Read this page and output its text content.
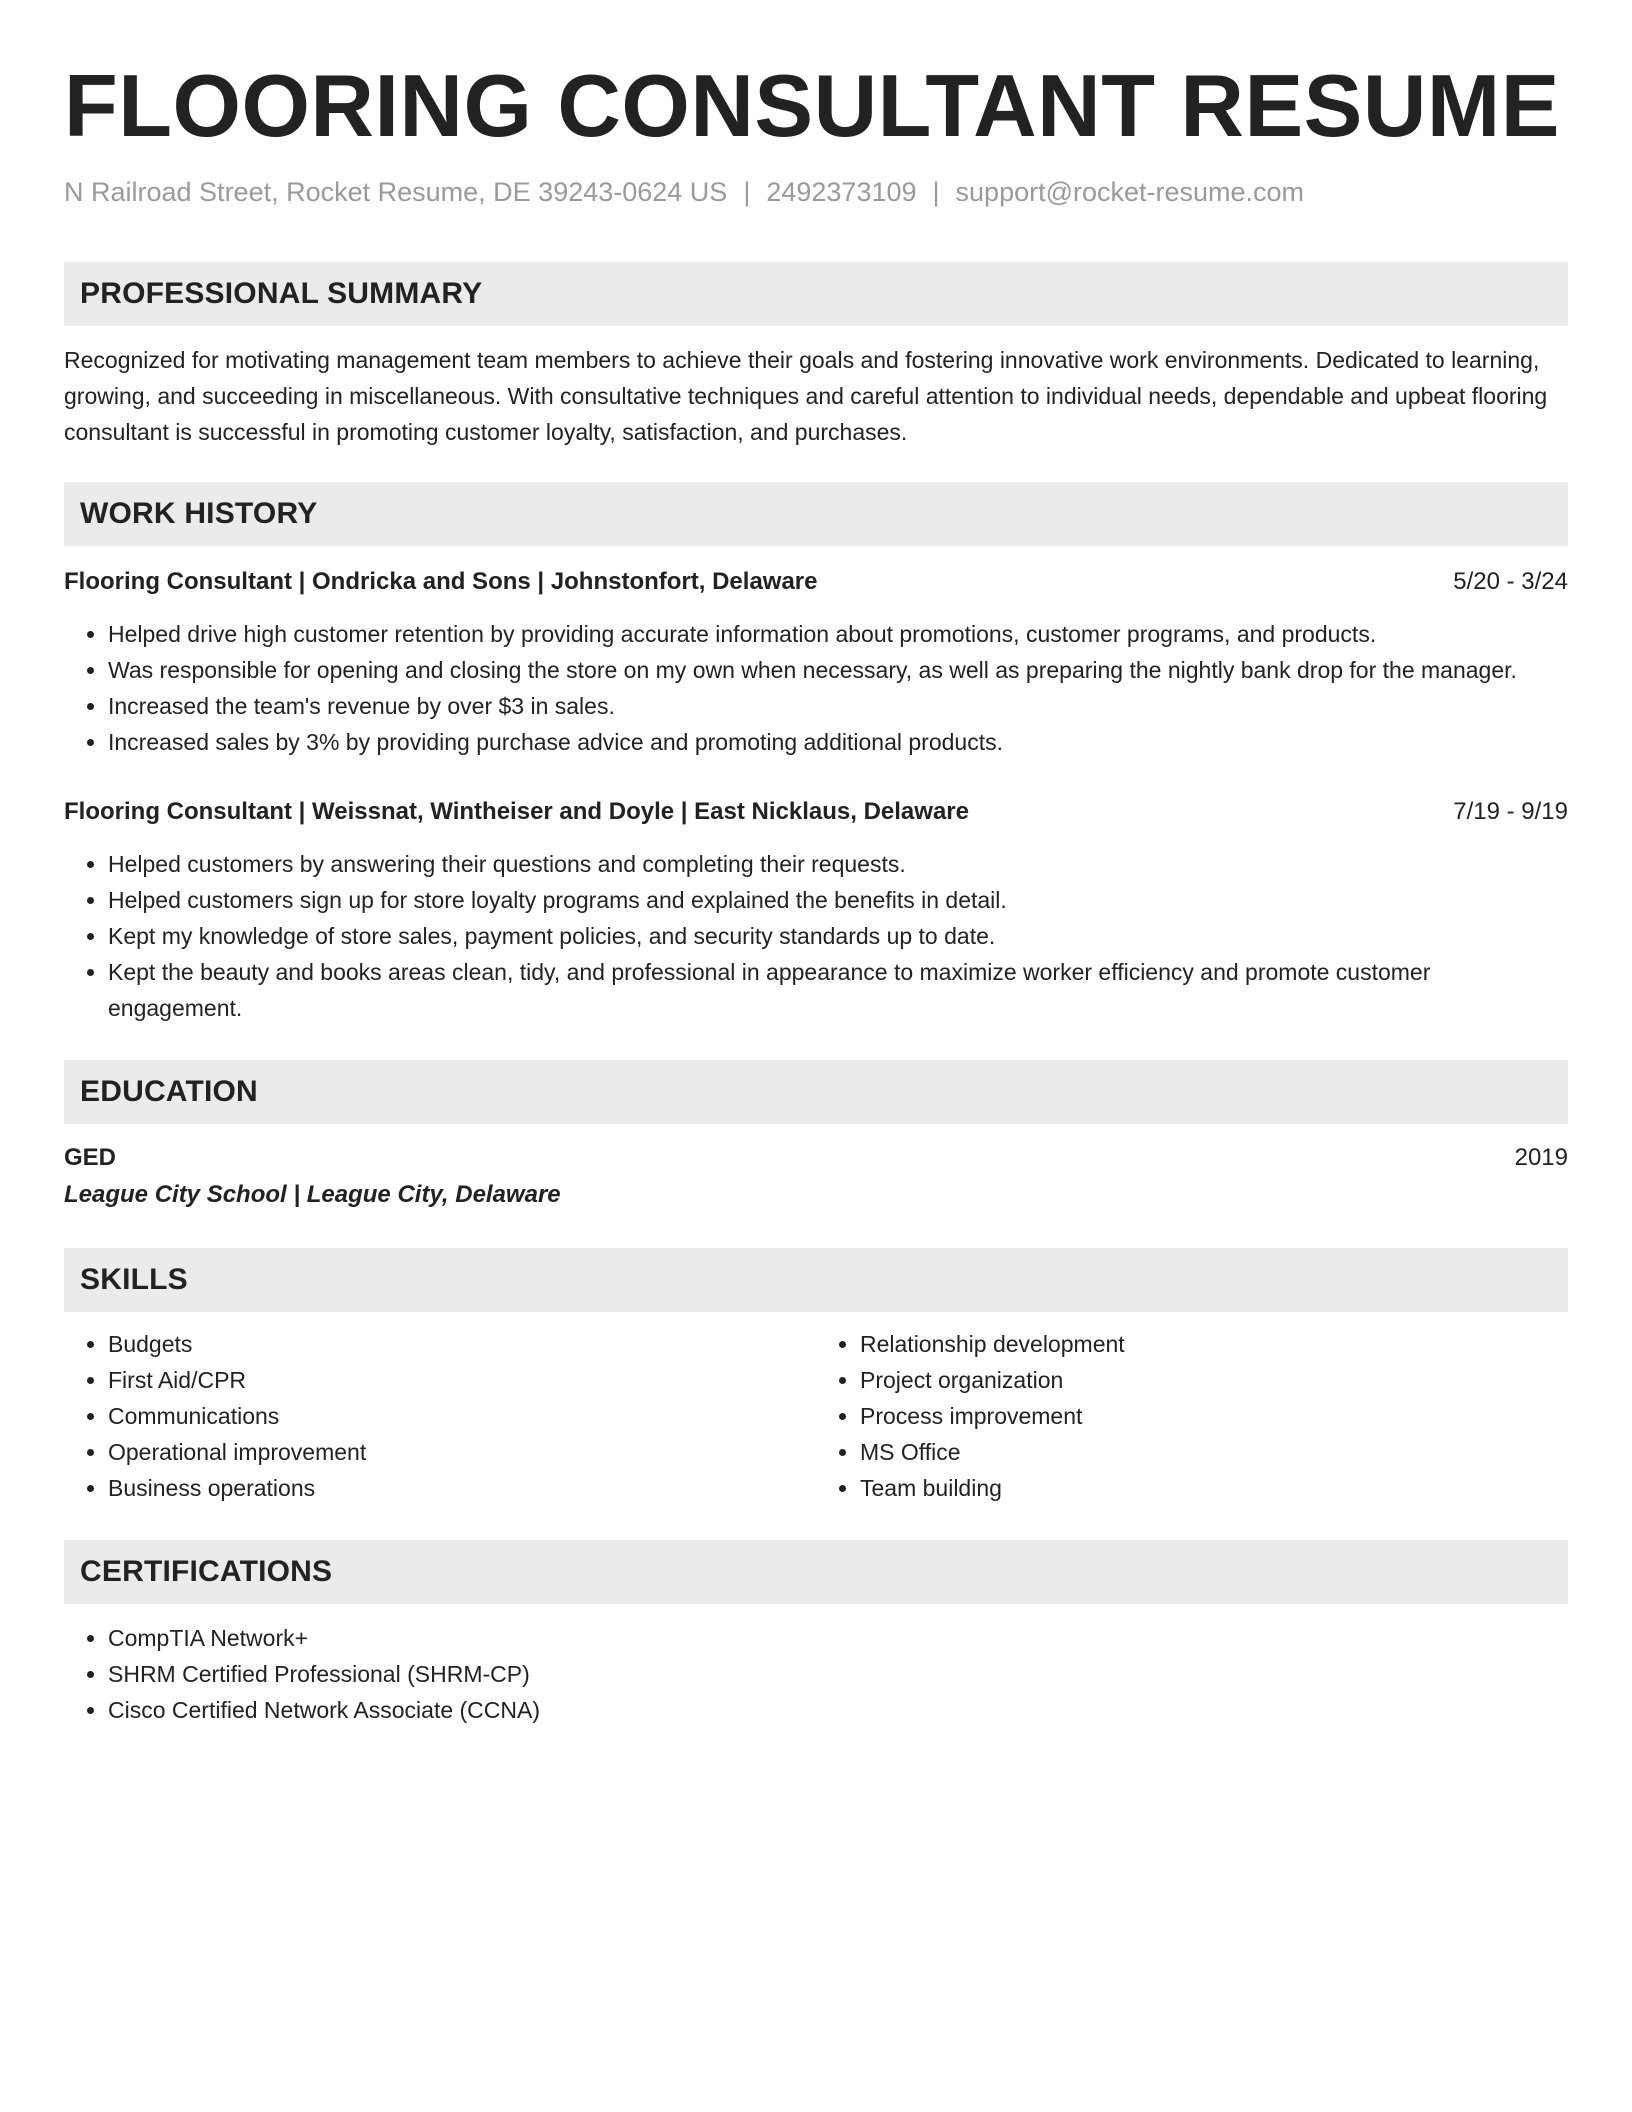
FLOORING CONSULTANT RESUME
N Railroad Street, Rocket Resume, DE 39243-0624 US | 2492373109 | support@rocket-resume.com
PROFESSIONAL SUMMARY
Recognized for motivating management team members to achieve their goals and fostering innovative work environments. Dedicated to learning, growing, and succeeding in miscellaneous. With consultative techniques and careful attention to individual needs, dependable and upbeat flooring consultant is successful in promoting customer loyalty, satisfaction, and purchases.
WORK HISTORY
Flooring Consultant | Ondricka and Sons | Johnstonfort, Delaware	5/20 - 3/24
• Helped drive high customer retention by providing accurate information about promotions, customer programs, and products.
• Was responsible for opening and closing the store on my own when necessary, as well as preparing the nightly bank drop for the manager.
• Increased the team's revenue by over $3 in sales.
• Increased sales by 3% by providing purchase advice and promoting additional products.
Flooring Consultant | Weissnat, Wintheiser and Doyle | East Nicklaus, Delaware	7/19 - 9/19
• Helped customers by answering their questions and completing their requests.
• Helped customers sign up for store loyalty programs and explained the benefits in detail.
• Kept my knowledge of store sales, payment policies, and security standards up to date.
• Kept the beauty and books areas clean, tidy, and professional in appearance to maximize worker efficiency and promote customer engagement.
EDUCATION
GED	2019
League City School | League City, Delaware
SKILLS
• Budgets
• First Aid/CPR
• Communications
• Operational improvement
• Business operations
• Relationship development
• Project organization
• Process improvement
• MS Office
• Team building
CERTIFICATIONS
• CompTIA Network+
• SHRM Certified Professional (SHRM-CP)
• Cisco Certified Network Associate (CCNA)
